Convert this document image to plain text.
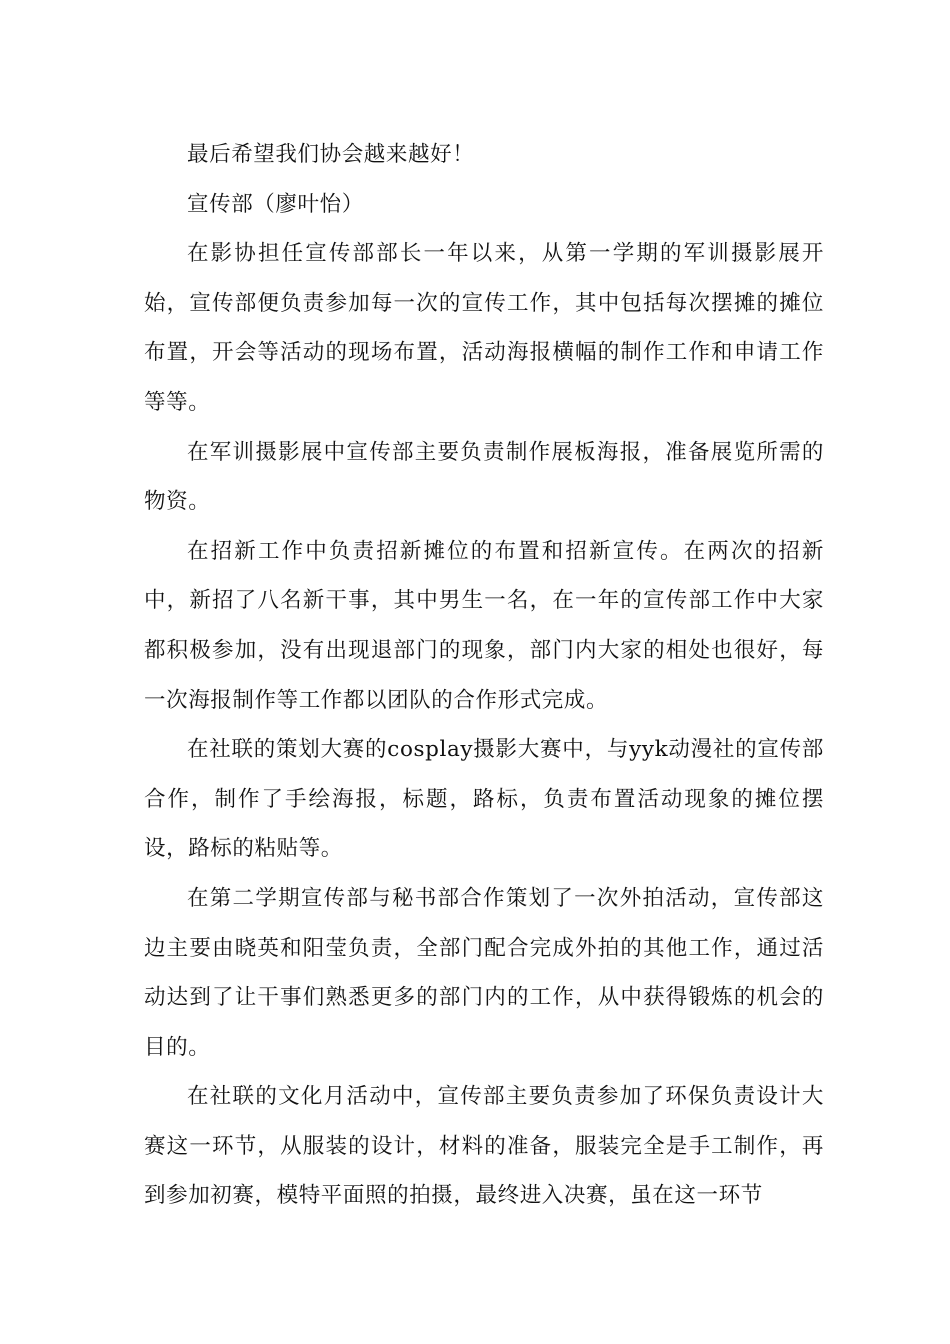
最后希望我们协会越来越好！

宣传部（廖叶怡）

在影协担任宣传部部长一年以来，从第一学期的军训摄影展开始，宣传部便负责参加每一次的宣传工作，其中包括每次摆摊的摊位布置，开会等活动的现场布置，活动海报横幅的制作工作和申请工作等等。

在军训摄影展中宣传部主要负责制作展板海报，准备展览所需的物资。

在招新工作中负责招新摊位的布置和招新宣传。在两次的招新中，新招了八名新干事，其中男生一名，在一年的宣传部工作中大家都积极参加，没有出现退部门的现象，部门内大家的相处也很好，每一次海报制作等工作都以团队的合作形式完成。

在社联的策划大赛的cosplay摄影大赛中，与yyk动漫社的宣传部合作，制作了手绘海报，标题，路标，负责布置活动现象的摊位摆设，路标的粘贴等。

在第二学期宣传部与秘书部合作策划了一次外拍活动，宣传部这边主要由晓英和阳莹负责，全部门配合完成外拍的其他工作，通过活动达到了让干事们熟悉更多的部门内的工作，从中获得锻炼的机会的目的。

在社联的文化月活动中，宣传部主要负责参加了环保负责设计大赛这一环节，从服装的设计，材料的准备，服装完全是手工制作，再到参加初赛，模特平面照的拍摄，最终进入决赛，虽在这一环节
